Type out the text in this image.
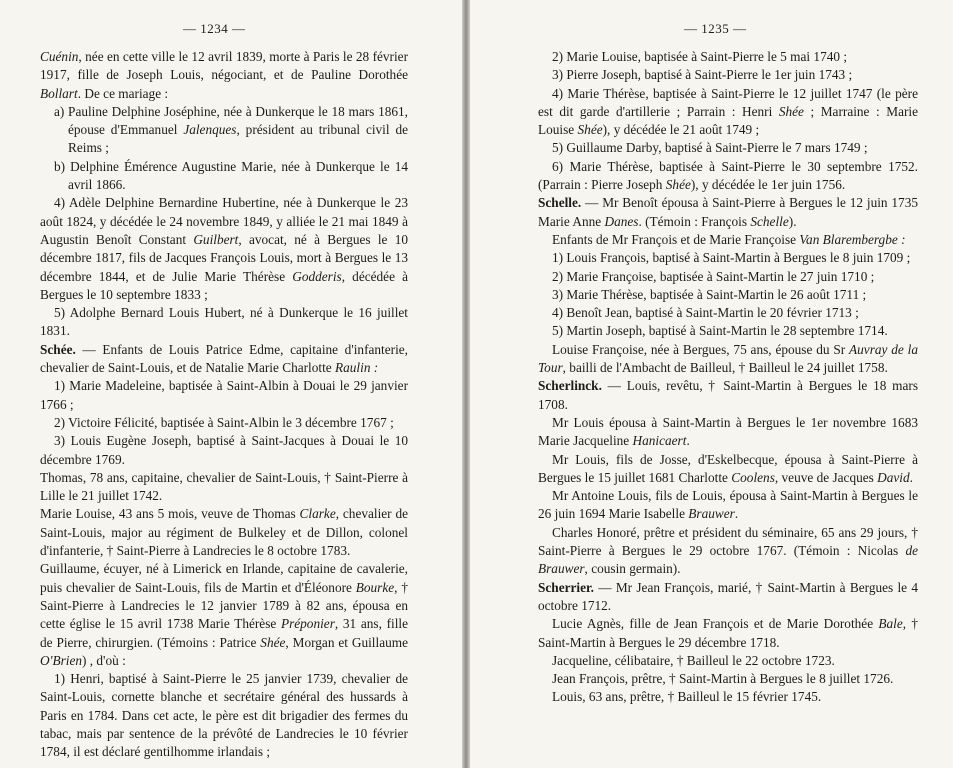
— 1234 —

Cuénin, née en cette ville le 12 avril 1839, morte à Paris le 28 février 1917, fille de Joseph Louis, négociant, et de Pauline Dorothée Bollart. De ce mariage :

a) Pauline Delphine Joséphine, née à Dunkerque le 18 mars 1861, épouse d'Emmanuel Jalenques, président au tribunal civil de Reims ;

b) Delphine Émérence Augustine Marie, née à Dunkerque le 14 avril 1866.

4) Adèle Delphine Bernardine Hubertine, née à Dunkerque le 23 août 1824, y décédée le 24 novembre 1849, y alliée le 21 mai 1849 à Augustin Benoît Constant Guilbert, avocat, né à Bergues le 10 décembre 1817, fils de Jacques François Louis, mort à Bergues le 13 décembre 1844, et de Julie Marie Thérèse Godderis, décédée à Bergues le 10 septembre 1833 ;

5) Adolphe Bernard Louis Hubert, né à Dunkerque le 16 juillet 1831.

Schée. — Enfants de Louis Patrice Edme, capitaine d'infanterie, chevalier de Saint-Louis, et de Natalie Marie Charlotte Raulin :

1) Marie Madeleine, baptisée à Saint-Albin à Douai le 29 janvier 1766 ;

2) Victoire Félicité, baptisée à Saint-Albin le 3 décembre 1767 ;

3) Louis Eugène Joseph, baptisé à Saint-Jacques à Douai le 10 décembre 1769.

Thomas, 78 ans, capitaine, chevalier de Saint-Louis, † Saint-Pierre à Lille le 21 juillet 1742.

Marie Louise, 43 ans 5 mois, veuve de Thomas Clarke, chevalier de Saint-Louis, major au régiment de Bulkeley et de Dillon, colonel d'infanterie, † Saint-Pierre à Landrecies le 8 octobre 1783.

Guillaume, écuyer, né à Limerick en Irlande, capitaine de cavalerie, puis chevalier de Saint-Louis, fils de Martin et d'Éléonore Bourke, † Saint-Pierre à Landrecies le 12 janvier 1789 à 82 ans, épousa en cette église le 15 avril 1738 Marie Thérèse Préponier, 31 ans, fille de Pierre, chirurgien. (Témoins : Patrice Shée, Morgan et Guillaume O'Brien) , d'où :

1) Henri, baptisé à Saint-Pierre le 25 janvier 1739, chevalier de Saint-Louis, cornette blanche et secrétaire général des hussards à Paris en 1784. Dans cet acte, le père est dit brigadier des fermes du tabac, mais par sentence de la prévôté de Landrecies le 10 février 1784, il est déclaré gentilhomme irlandais ;

— 1235 —

2) Marie Louise, baptisée à Saint-Pierre le 5 mai 1740 ;

3) Pierre Joseph, baptisé à Saint-Pierre le 1er juin 1743 ;

4) Marie Thérèse, baptisée à Saint-Pierre le 12 juillet 1747 (le père est dit garde d'artillerie ; Parrain : Henri Shée ; Marraine : Marie Louise Shée), y décédée le 21 août 1749 ;

5) Guillaume Darby, baptisé à Saint-Pierre le 7 mars 1749 ;

6) Marie Thérèse, baptisée à Saint-Pierre le 30 septembre 1752. (Parrain : Pierre Joseph Shée), y décédée le 1er juin 1756.

Schelle. — Mr Benoît épousa à Saint-Pierre à Bergues le 12 juin 1735 Marie Anne Danes. (Témoin : François Schelle).

Enfants de Mr François et de Marie Françoise Van Blarembergbe :

1) Louis François, baptisé à Saint-Martin à Bergues le 8 juin 1709 ;

2) Marie Françoise, baptisée à Saint-Martin le 27 juin 1710 ;

3) Marie Thérèse, baptisée à Saint-Martin le 26 août 1711 ;

4) Benoît Jean, baptisé à Saint-Martin le 20 février 1713 ;

5) Martin Joseph, baptisé à Saint-Martin le 28 septembre 1714.

Louise Françoise, née à Bergues, 75 ans, épouse du Sr Auvray de la Tour, bailli de l'Ambacht de Bailleul, † Bailleul le 24 juillet 1758.

Scherlinck. — Louis, revêtu, † Saint-Martin à Bergues le 18 mars 1708.

Mr Louis épousa à Saint-Martin à Bergues le 1er novembre 1683 Marie Jacqueline Hanicaert.

Mr Louis, fils de Josse, d'Eskelbecque, épousa à Saint-Pierre à Bergues le 15 juillet 1681 Charlotte Coolens, veuve de Jacques David.

Mr Antoine Louis, fils de Louis, épousa à Saint-Martin à Bergues le 26 juin 1694 Marie Isabelle Brauwer.

Charles Honoré, prêtre et président du séminaire, 65 ans 29 jours, † Saint-Pierre à Bergues le 29 octobre 1767. (Témoin : Nicolas de Brauwer, cousin germain).

Scherrier. — Mr Jean François, marié, † Saint-Martin à Bergues le 4 octobre 1712.

Lucie Agnès, fille de Jean François et de Marie Dorothée Bale, † Saint-Martin à Bergues le 29 décembre 1718.

Jacqueline, célibataire, † Bailleul le 22 octobre 1723.

Jean François, prêtre, † Saint-Martin à Bergues le 8 juillet 1726.

Louis, 63 ans, prêtre, † Bailleul le 15 février 1745.
